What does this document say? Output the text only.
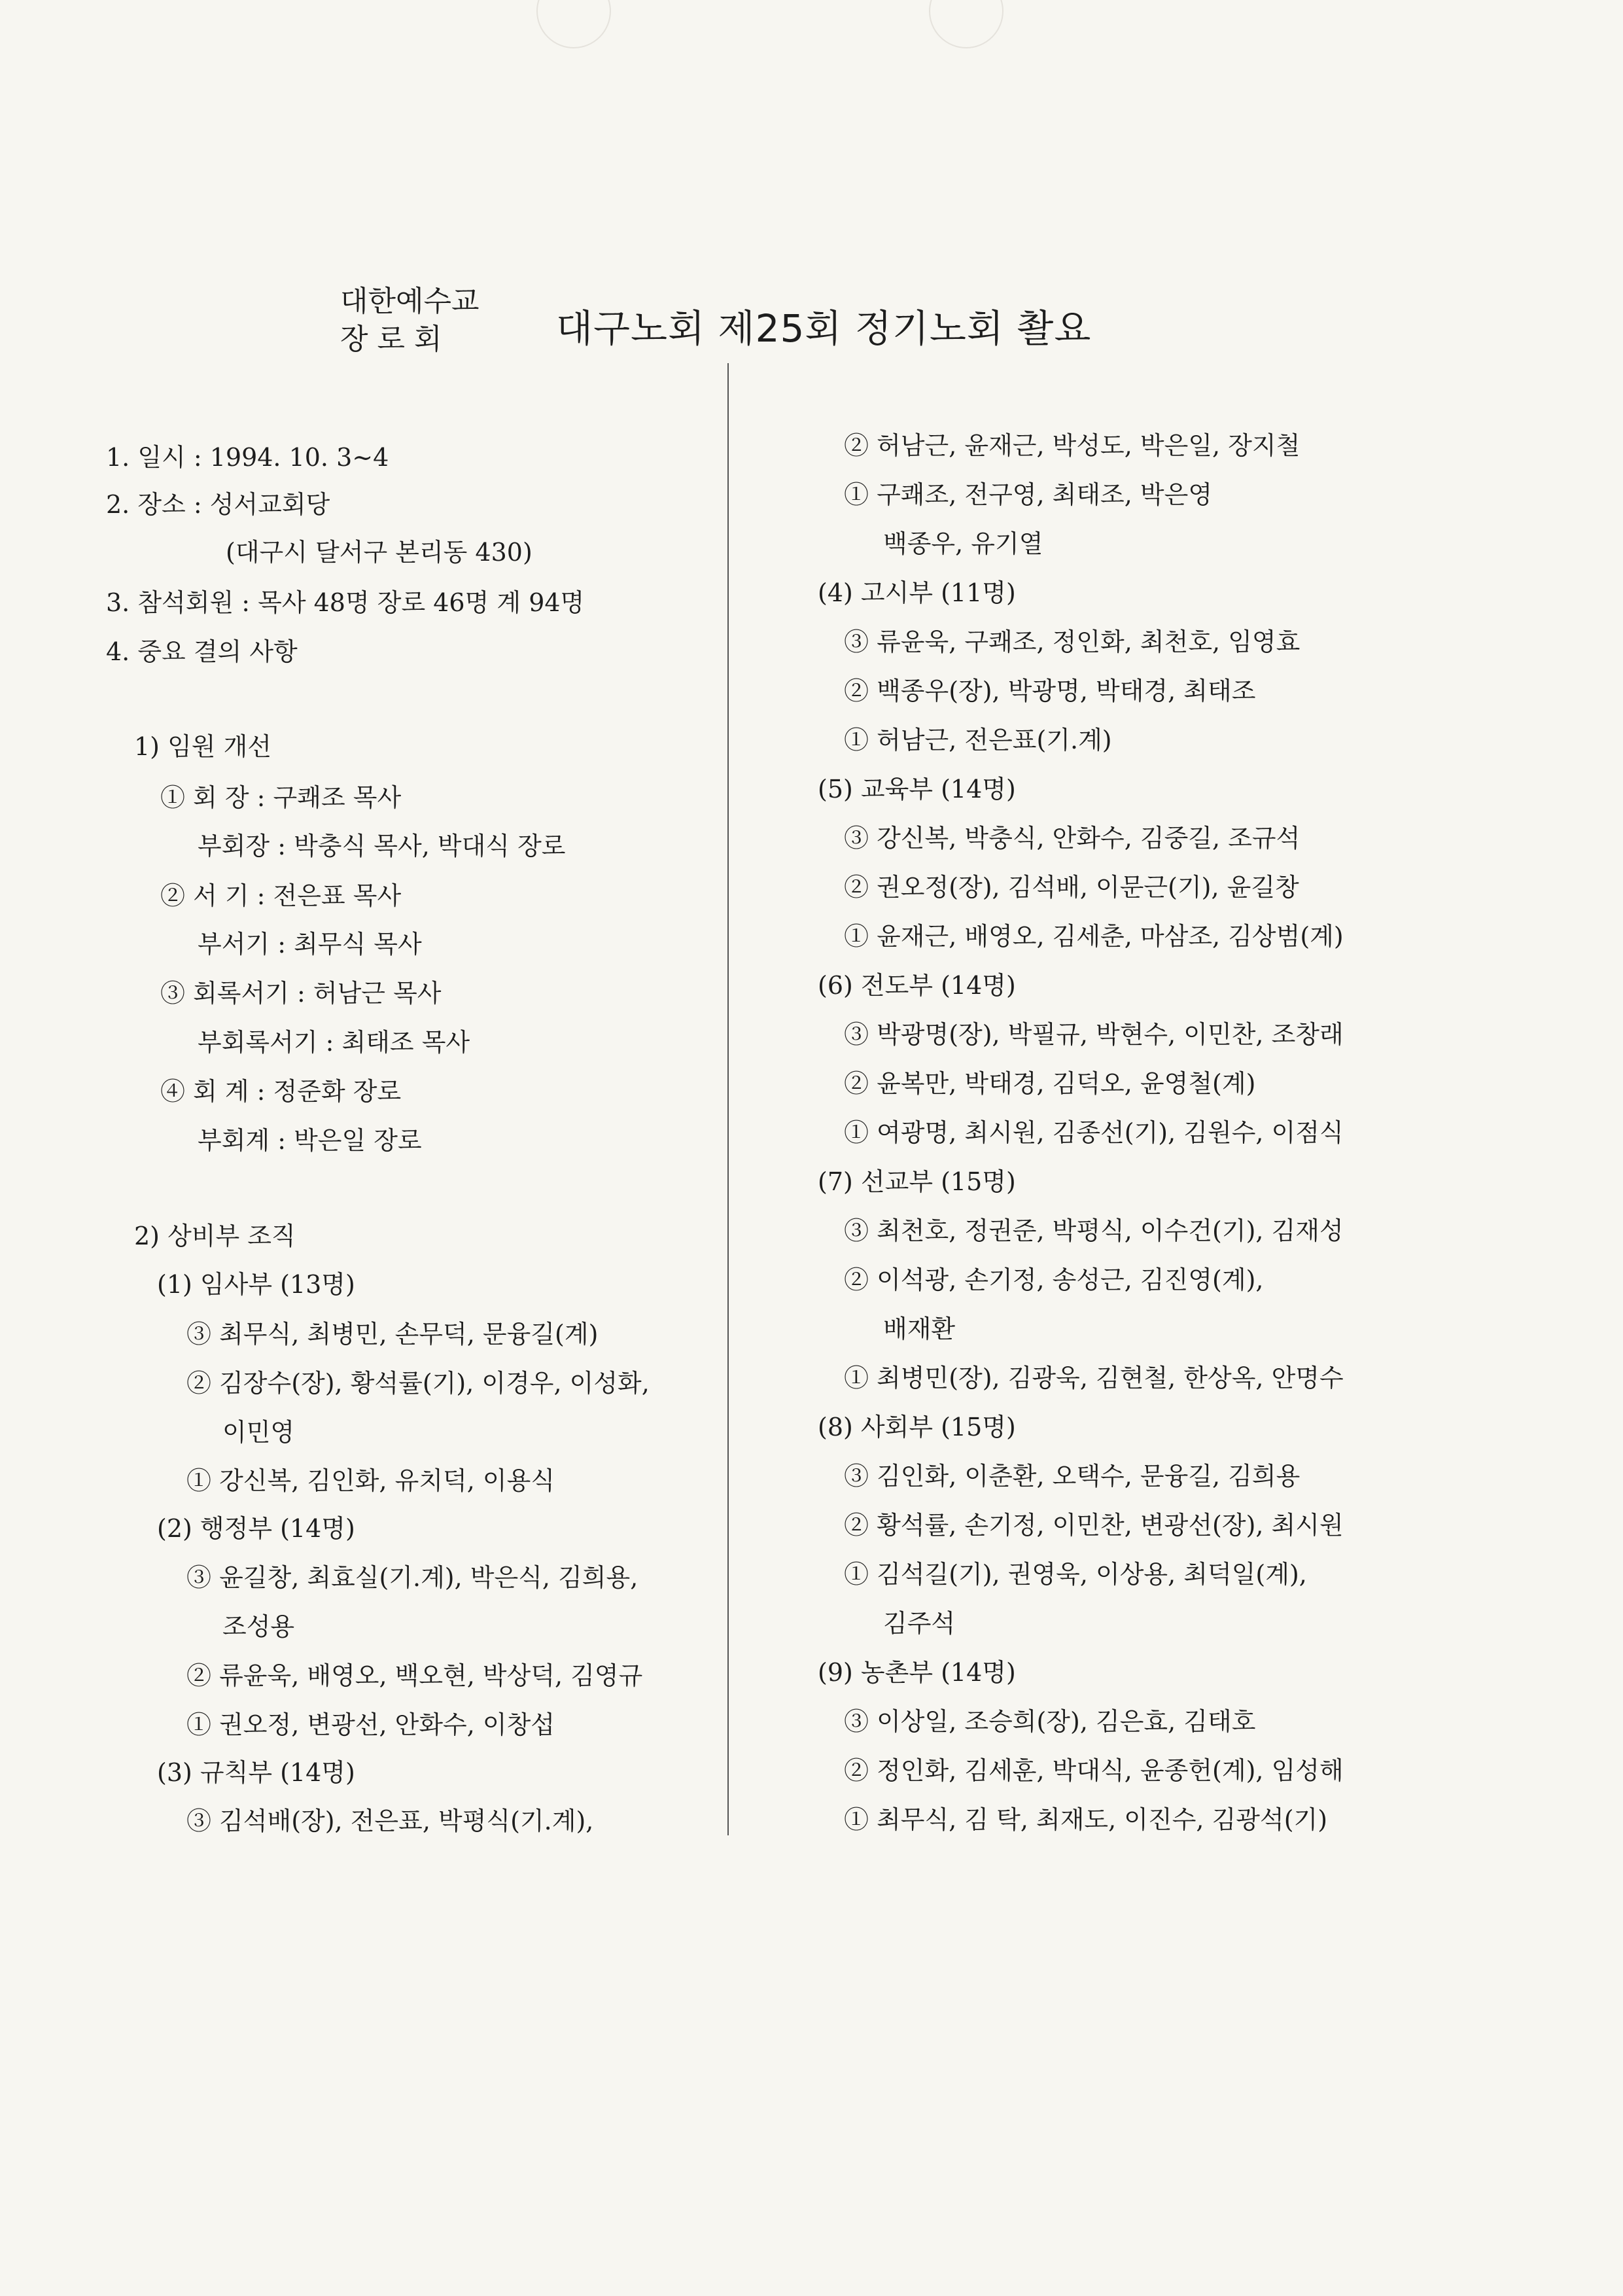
대한예수교
장 로 회	대구노회 제25회 정기노회 촬요
1. 일시 : 1994. 10. 3∼4
2. 장소 : 성서교회당
(대구시 달서구 본리동 430)
3. 참석회원 : 목사 48명 장로 46명 계 94명
4. 중요 결의 사항
1) 임원 개선
① 회 장 : 구쾌조 목사
부회장 : 박충식 목사, 박대식 장로
② 서 기 : 전은표 목사
부서기 : 최무식 목사
③ 회록서기 : 허남근 목사
부회록서기 : 최태조 목사
④ 회 계 : 정준화 장로
부회계 : 박은일 장로
2) 상비부 조직
(1) 임사부 (13명)
③ 최무식, 최병민, 손무덕, 문융길(계)
② 김장수(장), 황석률(기), 이경우, 이성화,
이민영
① 강신복, 김인화, 유치덕, 이용식
(2) 행정부 (14명)
③ 윤길창, 최효실(기.계), 박은식, 김희용,
조성용
② 류윤욱, 배영오, 백오현, 박상덕, 김영규
① 권오정, 변광선, 안화수, 이창섭
(3) 규칙부 (14명)
③ 김석배(장), 전은표, 박평식(기.계),
② 허남근, 윤재근, 박성도, 박은일, 장지철
① 구쾌조, 전구영, 최태조, 박은영
백종우, 유기열
(4) 고시부 (11명)
③ 류윤욱, 구쾌조, 정인화, 최천호, 임영효
② 백종우(장), 박광명, 박태경, 최태조
① 허남근, 전은표(기.계)
(5) 교육부 (14명)
③ 강신복, 박충식, 안화수, 김중길, 조규석
② 권오정(장), 김석배, 이문근(기), 윤길창
① 윤재근, 배영오, 김세춘, 마삼조, 김상범(계)
(6) 전도부 (14명)
③ 박광명(장), 박필규, 박현수, 이민찬, 조창래
② 윤복만, 박태경, 김덕오, 윤영철(계)
① 여광명, 최시원, 김종선(기), 김원수, 이점식
(7) 선교부 (15명)
③ 최천호, 정권준, 박평식, 이수건(기), 김재성
② 이석광, 손기정, 송성근, 김진영(계),
배재환
① 최병민(장), 김광욱, 김현철, 한상옥, 안명수
(8) 사회부 (15명)
③ 김인화, 이춘환, 오택수, 문융길, 김희용
② 황석률, 손기정, 이민찬, 변광선(장), 최시원
① 김석길(기), 권영욱, 이상용, 최덕일(계),
김주석
(9) 농촌부 (14명)
③ 이상일, 조승희(장), 김은효, 김태호
② 정인화, 김세훈, 박대식, 윤종헌(계), 임성해
① 최무식, 김 탁, 최재도, 이진수, 김광석(기)
